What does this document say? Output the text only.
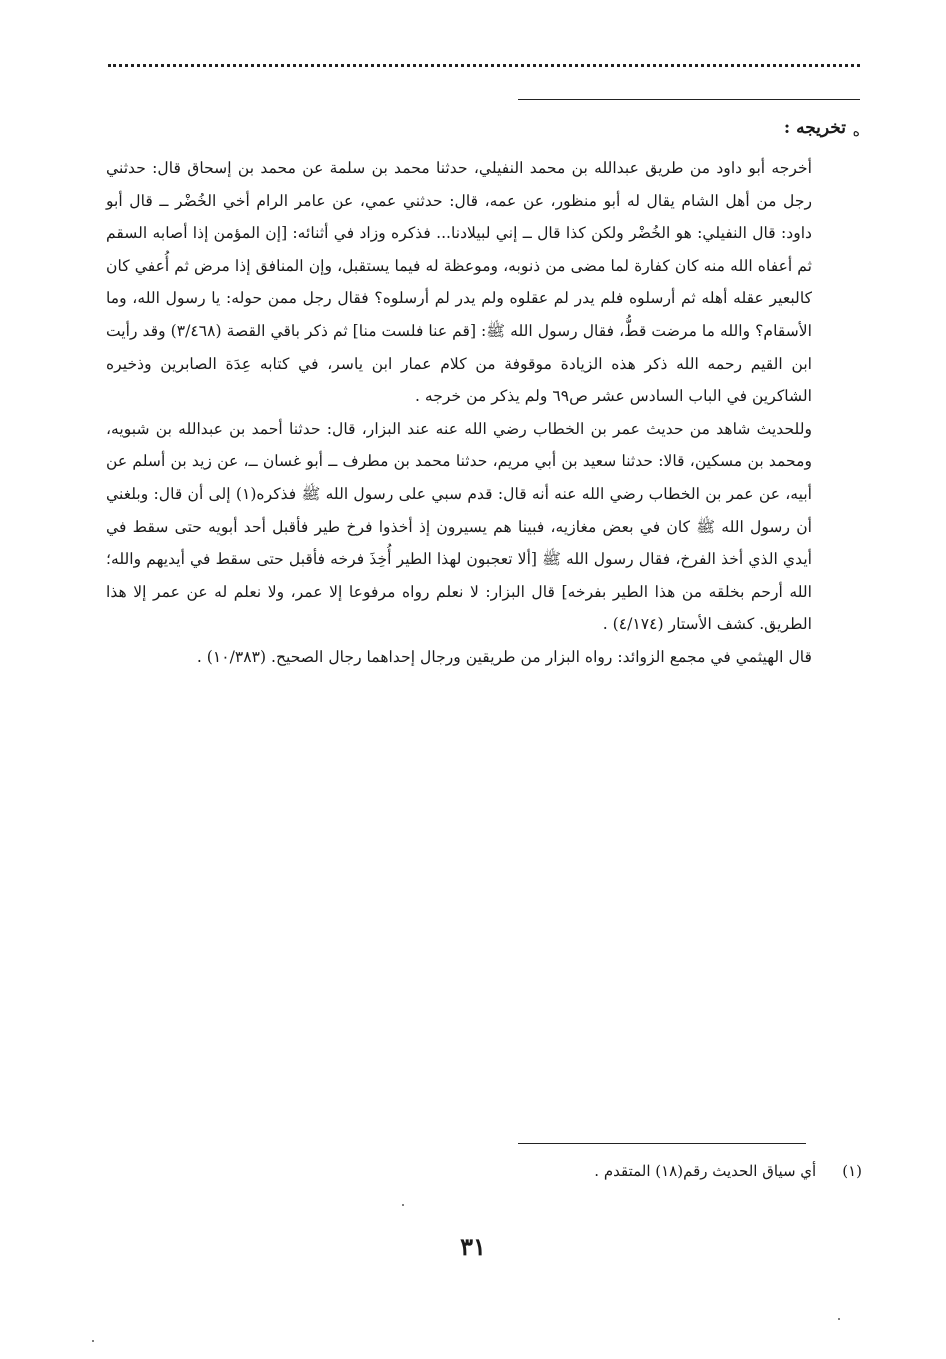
ه
تخريجه :

أخرجه أبو داود من طريق عبدالله بن محمد النفيلي، حدثنا محمد بن سلمة عن محمد بن إسحاق قال: حدثني رجل من أهل الشام يقال له أبو منظور، عن عمه، قال: حدثني عمي، عن عامر الرام أخي الخُضْر ــ قال أبو داود: قال النفيلي: هو الخُضْر ولكن كذا قال ــ إني لبيلادنا... فذكره وزاد في أثنائه: [إن المؤمن إذا أصابه السقم ثم أعفاه الله منه كان كفارة لما مضى من ذنوبه، وموعظة له فيما يستقبل، وإن المنافق إذا مرض ثم أُعفي كان كالبعير عقله أهله ثم أرسلوه فلم يدر لم عقلوه ولم يدر لم أرسلوه؟ فقال رجل ممن حوله: يا رسول الله، وما الأسقام؟ والله ما مرضت قطُّ، فقال رسول الله ﷺ: [قم عنا فلست منا] ثم ذكر باقي القصة (٣/٤٦٨) وقد رأيت ابن القيم رحمه الله ذكر هذه الزيادة موقوفة من كلام عمار ابن ياسر، في كتابه عِدَة الصابرين وذخيره الشاكرين في الباب السادس عشر ص٦٩ ولم يذكر من خرجه .

وللحديث شاهد من حديث عمر بن الخطاب رضي الله عنه عند البزار، قال: حدثنا أحمد بن عبدالله بن شبويه، ومحمد بن مسكين، قالا: حدثنا سعيد بن أبي مريم، حدثنا محمد بن مطرف ــ أبو غسان ــ، عن زيد بن أسلم عن أبيه، عن عمر بن الخطاب رضي الله عنه أنه قال: قدم سبي على رسول الله ﷺ فذكره(١) إلى أن قال: وبلغني أن رسول الله ﷺ كان في بعض مغازيه، فبينا هم يسيرون إذ أخذوا فرخ طير فأقبل أحد أبويه حتى سقط في أيدي الذي أخذ الفرخ، فقال رسول الله ﷺ [ألا تعجبون لهذا الطير أُخِذَ فرخه فأقبل حتى سقط في أيديهم والله؛ الله أرحم بخلقه من هذا الطير بفرخه] قال البزار: لا نعلم رواه مرفوعا إلا عمر، ولا نعلم له عن عمر إلا هذا الطريق. كشف الأستار (٤/١٧٤) .

قال الهيثمي في مجمع الزوائد: رواه البزار من طريقين ورجال إحداهما رجال الصحيح. (١٠/٣٨٣) .

(١)أي سياق الحديث رقم(١٨) المتقدم .
٣١
